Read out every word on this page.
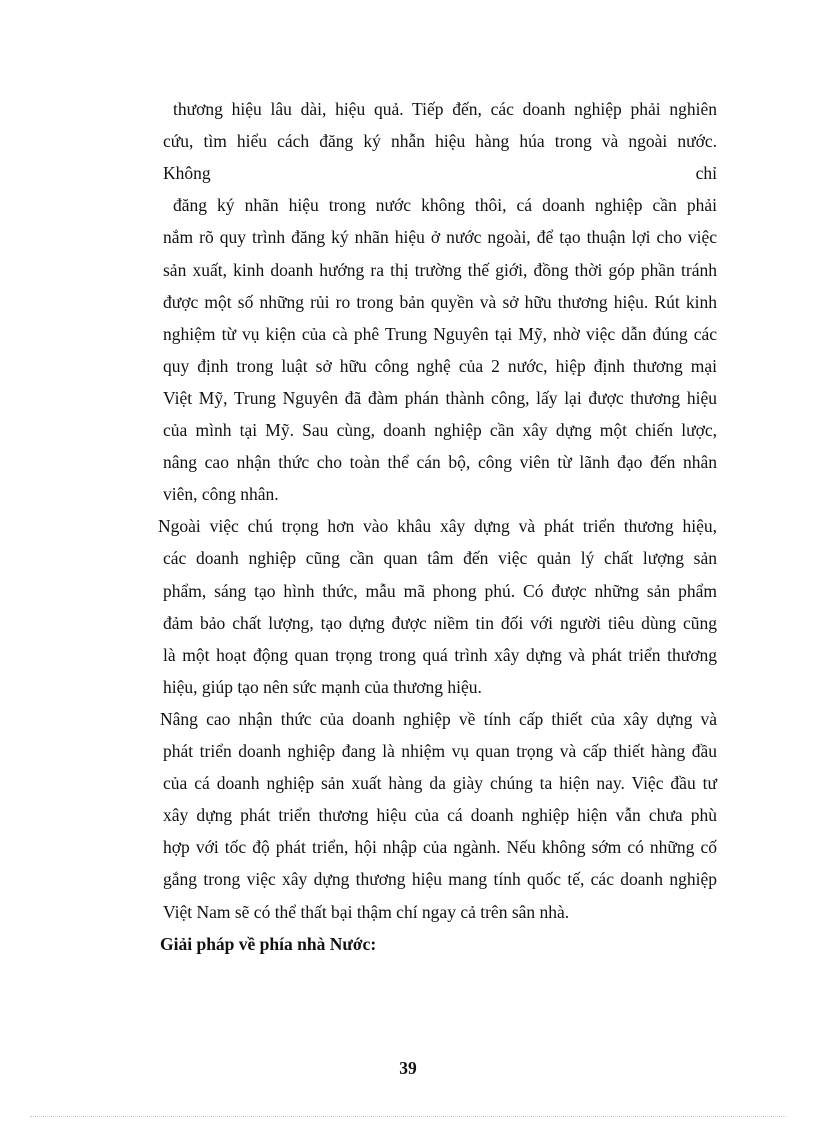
thương hiệu lâu dài, hiệu quả. Tiếp đến, các doanh nghiệp phải nghiên
cứu, tìm hiểu cách đăng ký nhẫn hiệu hàng húa trong và ngoài nước.
Không	chỉ
đăng ký nhãn hiệu trong nước không thôi, cá doanh nghiệp cần phải
nắm rõ quy trình đăng ký nhãn hiệu ở nước ngoài, để tạo thuận lợi cho việc
sản xuất, kinh doanh hướng ra thị trường thế giới, đồng thời góp phần tránh
được một số những rủi ro trong bản quyền và sở hữu thương hiệu. Rút kinh
nghiệm từ vụ kiện của cà phê Trung Nguyên tại Mỹ, nhờ việc dẫn đúng các
quy định trong luật sở hữu công nghệ của 2 nước, hiệp định thương mại
Việt Mỹ, Trung Nguyên đã đàm phán thành công, lấy lại được thương hiệu
của mình tại Mỹ. Sau cùng, doanh nghiệp cần xây dựng một chiến lược,
nâng cao nhận thức cho toàn thể cán bộ, công viên từ lãnh đạo đến nhân
viên, công nhân.
Ngoài việc chú trọng hơn vào khâu xây dựng và phát triển thương hiệu,
các doanh nghiệp cũng cần quan tâm đến việc quản lý chất lượng sản
phẩm, sáng tạo hình thức, mẫu mã phong phú. Có được những sản phẩm
đảm bảo chất lượng, tạo dựng được niềm tin đối với người tiêu dùng cũng
là một hoạt động quan trọng trong quá trình xây dựng và phát triển thương
hiệu, giúp tạo nên sức mạnh của thương hiệu.
Nâng cao nhận thức của doanh nghiệp về tính cấp thiết của xây dựng và
phát triển doanh nghiệp đang là nhiệm vụ quan trọng và cấp thiết hàng đầu
của cá doanh nghiệp sản xuất hàng da giày chúng ta hiện nay. Việc đầu tư
xây dựng phát triển thương hiệu của cá doanh nghiệp hiện vẫn chưa phù
hợp với tốc độ phát triển, hội nhập của ngành. Nếu không sớm có những cố
gắng trong việc xây dựng thương hiệu mang tính quốc tế, các doanh nghiệp
Việt Nam sẽ có thể thất bại thậm chí ngay cả trên sân nhà.
Giải pháp về phía nhà Nước:
39
